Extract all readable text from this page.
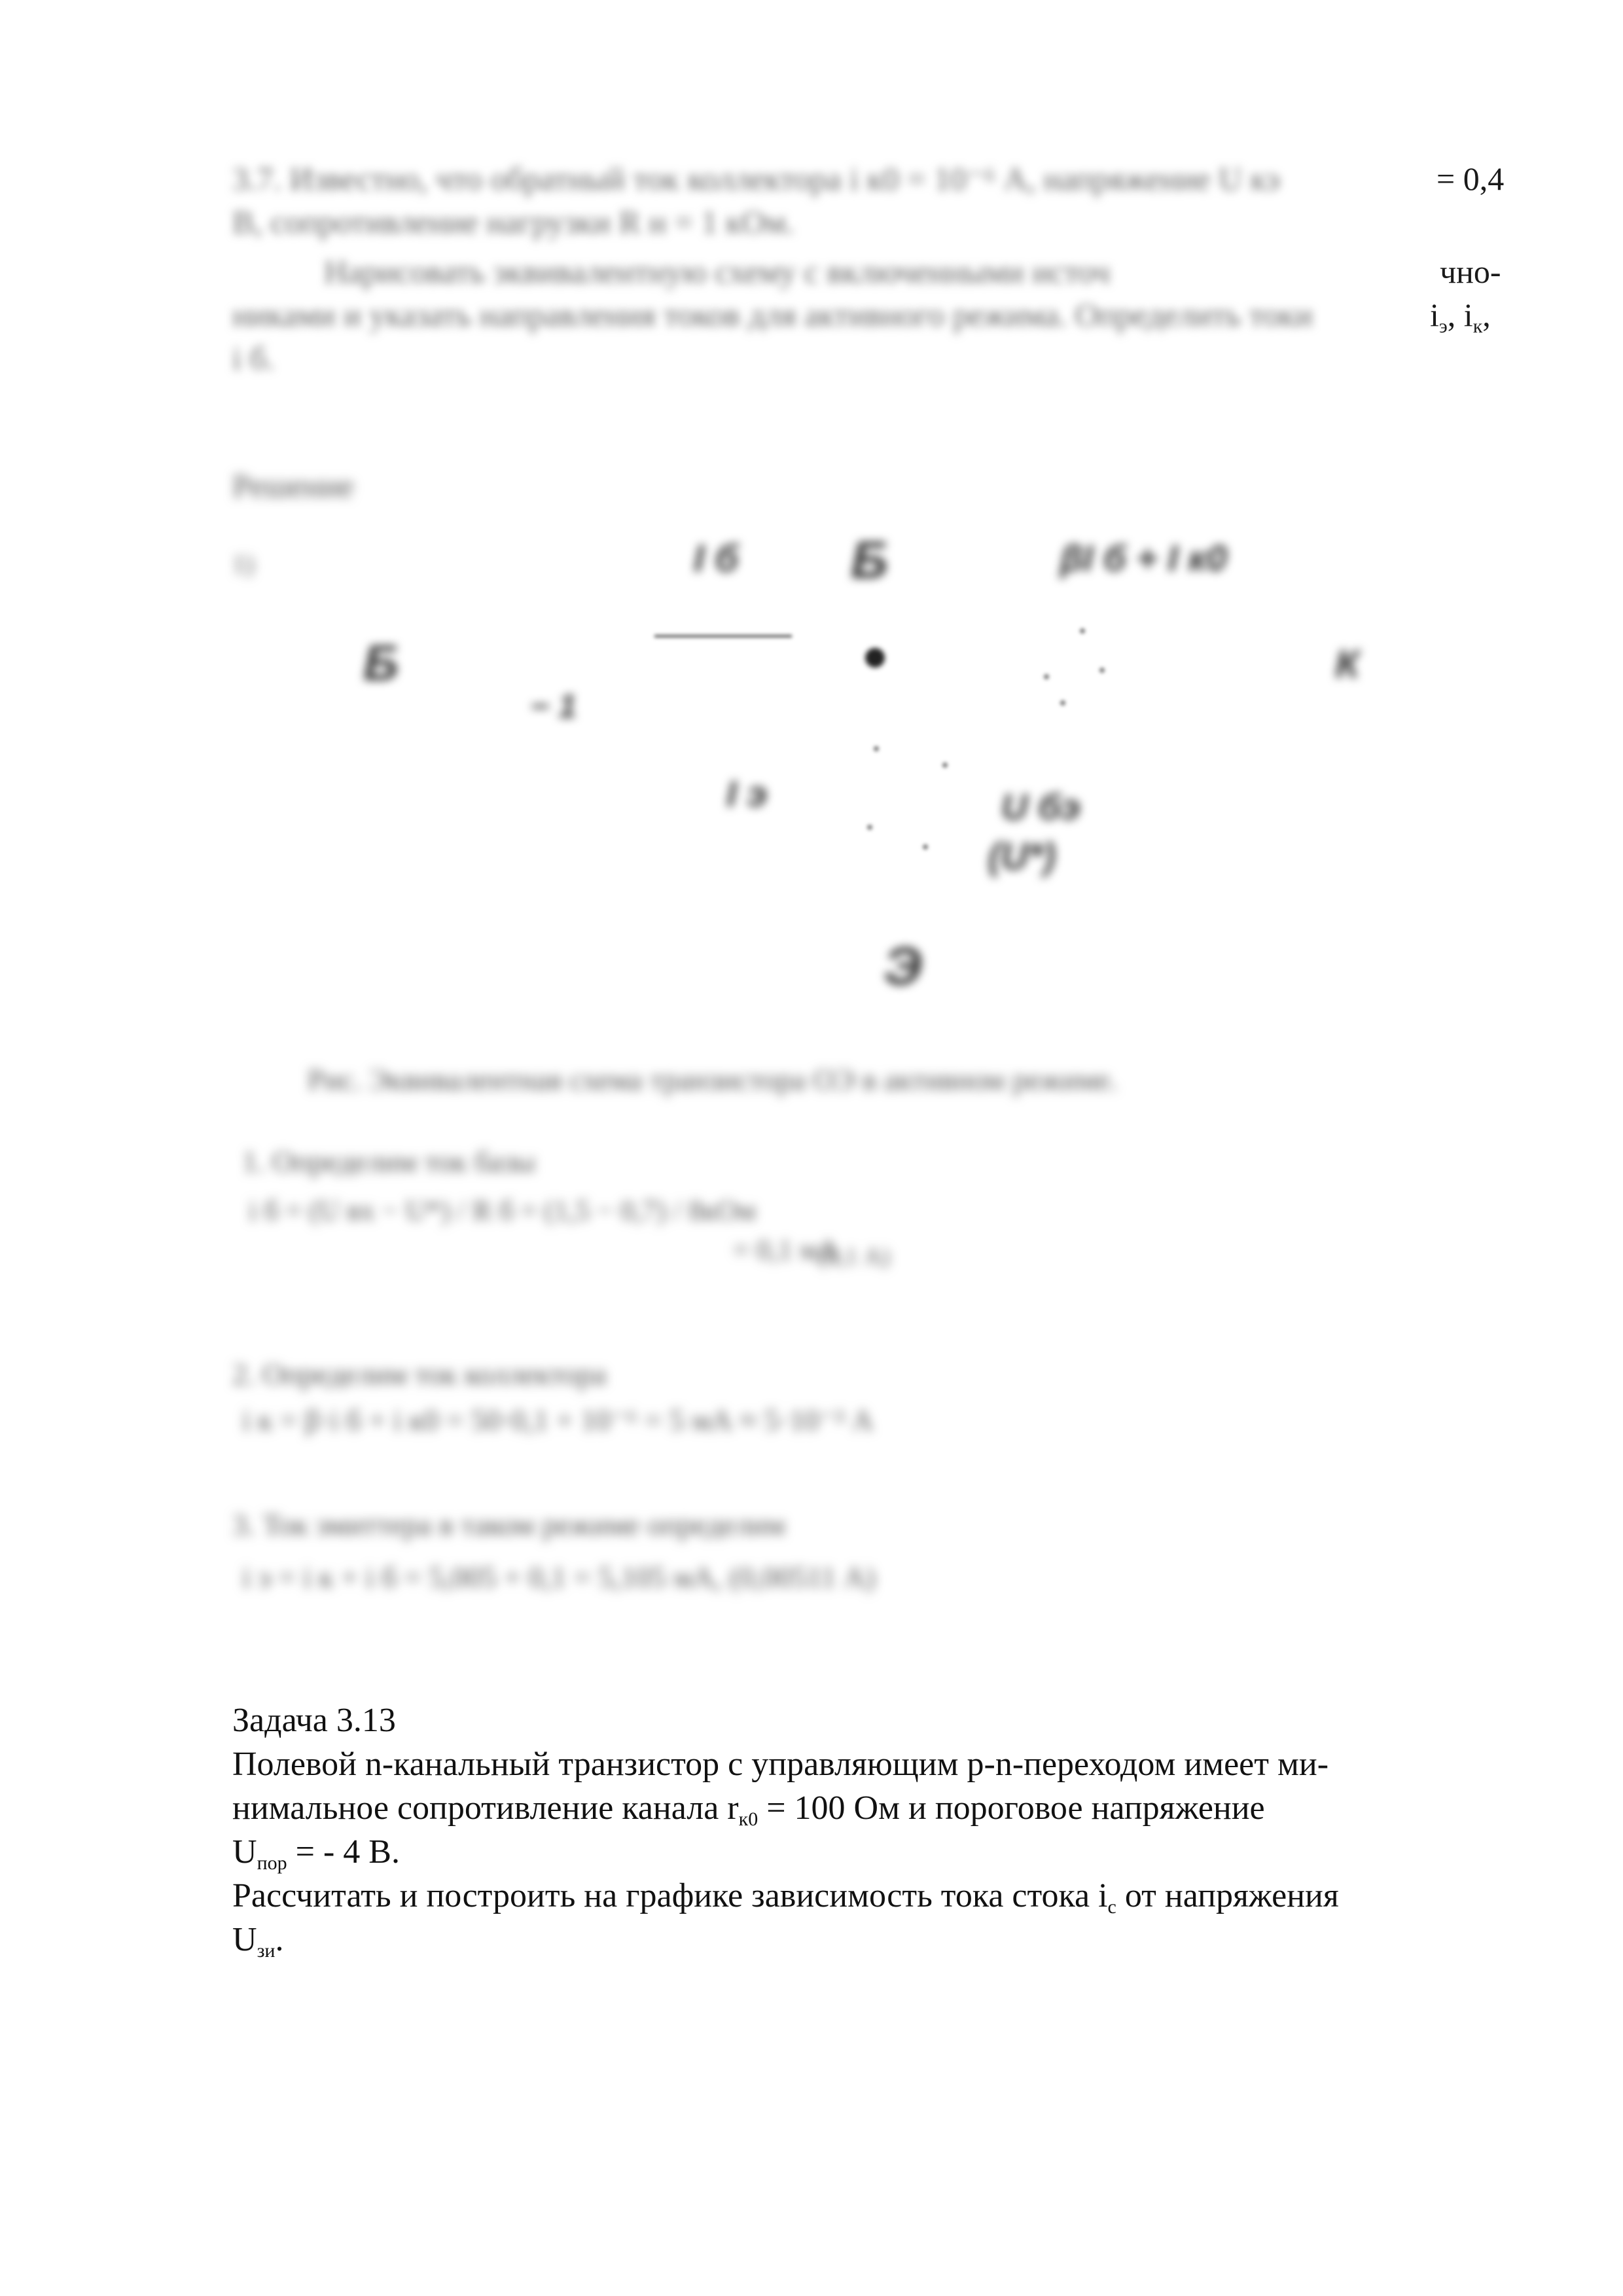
3.7. Известно, что обратный ток коллектора i к0 = 10⁻⁶ А, напряжение U кэ	= 0,4
В, сопротивление нагрузки R н = 1 кОм.
Нарисовать эквивалентную схему с включенными источ	чно-
никами и указать направления токов для активного режима. Определить токи	$i_э$, $i_к$,
i б.
Решение
1)	I б Б	βI б + I к0
Б	К
− 1
I э	U бэ
(U*)
Э
Рис. Эквивалентная схема транзистора ОЭ в активном режиме.
1. Определим ток базы
i б = (U вх − U*) / R б = (1,5 − 0,7) / 8кОм
= 0,1 мА
(0,1 А)
2. Определим ток коллектора
i к = β·i б + i к0 = 50·0,1 + 10⁻⁶ = 5 мА ≈ 5·10⁻³ А
3. Ток эмиттера в таком режиме определим
i э = i к + i б = 5,005 + 0,1 = 5,105 мА, (0,00511 А)

Задача 3.13

Полевой n-канальный транзистор с управляющим p-n-переходом имеет ми-

нимальное сопротивление канала $r_{к0} = 100$ Ом и пороговое напряжение

$U_{пор}$ = - 4 В.

Рассчитать и построить на графике зависимость тока стока $i_c$ от напряжения

$U_{зи}$.
